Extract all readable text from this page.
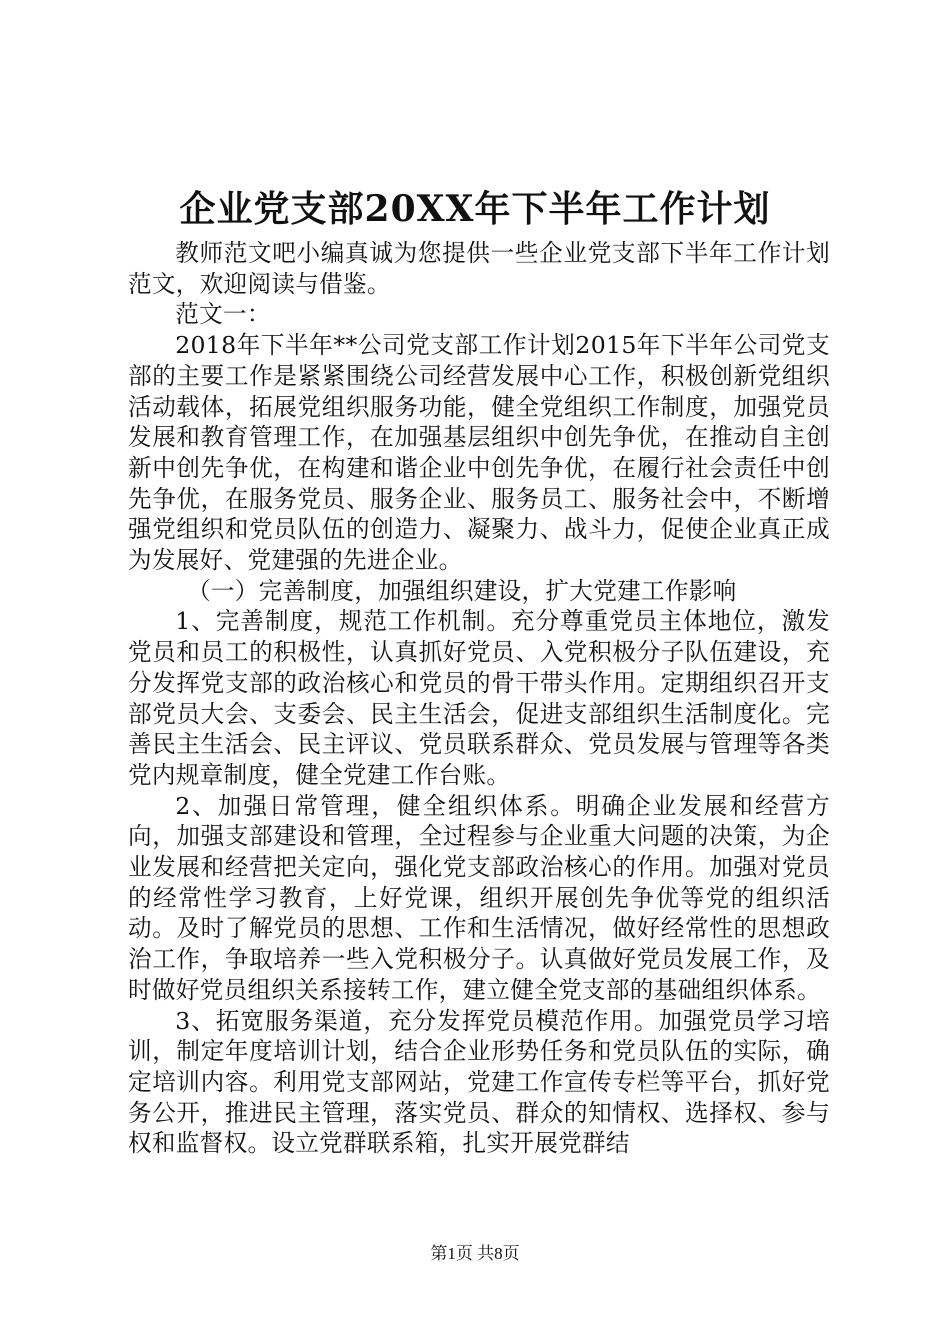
企业党支部20XX年下半年工作计划

教师范文吧小编真诚为您提供一些企业党支部下半年工作计划范文，欢迎阅读与借鉴。

范文一：

2018年下半年**公司党支部工作计划2015年下半年公司党支部的主要工作是紧紧围绕公司经营发展中心工作，积极创新党组织活动载体，拓展党组织服务功能，健全党组织工作制度，加强党员发展和教育管理工作，在加强基层组织中创先争优，在推动自主创新中创先争优，在构建和谐企业中创先争优，在履行社会责任中创先争优，在服务党员、服务企业、服务员工、服务社会中，不断增强党组织和党员队伍的创造力、凝聚力、战斗力，促使企业真正成为发展好、党建强的先进企业。

（一）完善制度，加强组织建设，扩大党建工作影响

1、完善制度，规范工作机制。充分尊重党员主体地位，激发党员和员工的积极性，认真抓好党员、入党积极分子队伍建设，充分发挥党支部的政治核心和党员的骨干带头作用。定期组织召开支部党员大会、支委会、民主生活会，促进支部组织生活制度化。完善民主生活会、民主评议、党员联系群众、党员发展与管理等各类党内规章制度，健全党建工作台账。

2、加强日常管理，健全组织体系。明确企业发展和经营方向，加强支部建设和管理，全过程参与企业重大问题的决策，为企业发展和经营把关定向，强化党支部政治核心的作用。加强对党员的经常性学习教育，上好党课，组织开展创先争优等党的组织活动。及时了解党员的思想、工作和生活情况，做好经常性的思想政治工作，争取培养一些入党积极分子。认真做好党员发展工作，及时做好党员组织关系接转工作，建立健全党支部的基础组织体系。

3、拓宽服务渠道，充分发挥党员模范作用。加强党员学习培训，制定年度培训计划，结合企业形势任务和党员队伍的实际，确定培训内容。利用党支部网站，党建工作宣传专栏等平台，抓好党务公开，推进民主管理，落实党员、群众的知情权、选择权、参与权和监督权。设立党群联系箱，扎实开展党群结

第1页 共8页
